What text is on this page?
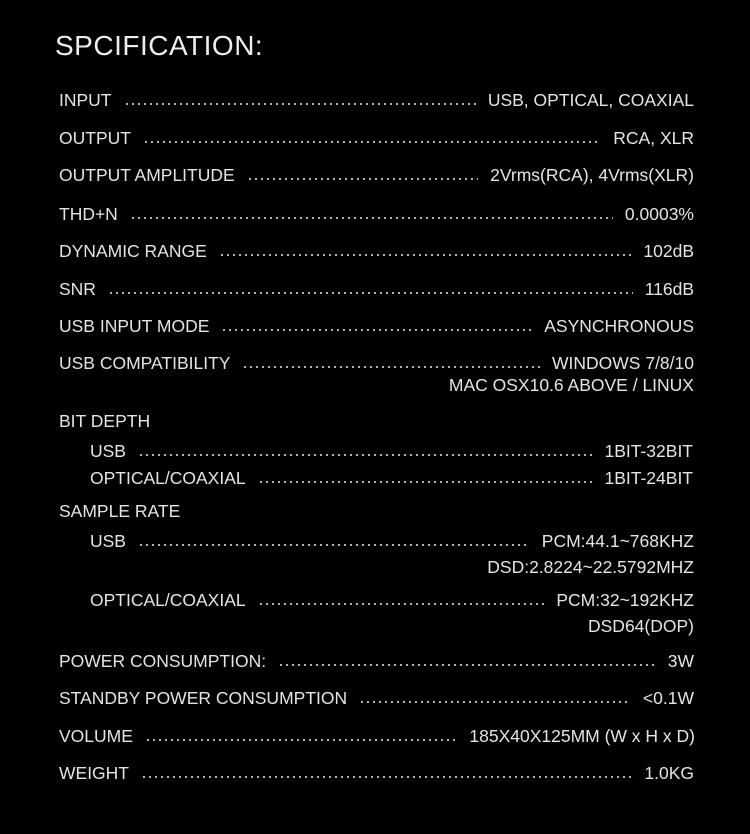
SPCIFICATION:
INPUT	USB, OPTICAL, COAXIAL
OUTPUT	RCA, XLR
OUTPUT AMPLITUDE	2Vrms(RCA), 4Vrms(XLR)
THD+N	0.0003%
DYNAMIC RANGE	102dB
SNR	116dB
USB INPUT MODE	ASYNCHRONOUS
USB COMPATIBILITY	WINDOWS 7/8/10
MAC OSX10.6 ABOVE / LINUX
BIT DEPTH
USB	1BIT-32BIT
OPTICAL/COAXIAL	1BIT-24BIT
SAMPLE RATE
USB	PCM:44.1~768KHZ
DSD:2.8224~22.5792MHZ
OPTICAL/COAXIAL	PCM:32~192KHZ
DSD64(DOP)
POWER CONSUMPTION:	3W
STANDBY POWER CONSUMPTION	<0.1W
VOLUME	185X40X125MM (W x H x D)
WEIGHT	1.0KG
